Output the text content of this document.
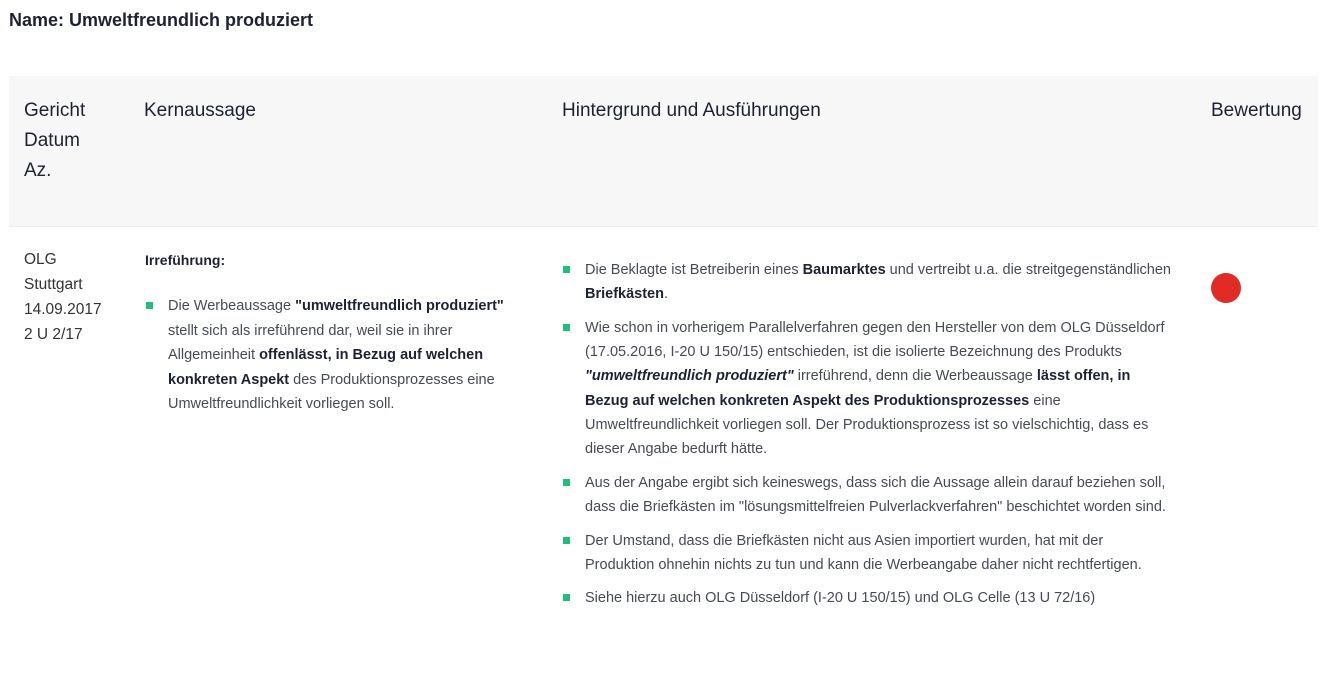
Name: Umweltfreundlich produziert
Gericht
Datum
Az.
Kernaussage	Hintergrund und Ausführungen	Bewertung
OLG
Stuttgart
14.09.2017
2 U 2/17

Irreführung:

Die Werbeaussage "umweltfreundlich produziert" stellt sich als irreführend dar, weil sie in ihrer Allgemeinheit offenlässt, in Bezug auf welchen konkreten Aspekt des Produktionsprozesses eine Umweltfreundlichkeit vorliegen soll.
Die Beklagte ist Betreiberin eines Baumarktes und vertreibt u.a. die streitgegenständlichen Briefkästen.
Wie schon in vorherigem Parallelverfahren gegen den Hersteller von dem OLG Düsseldorf (17.05.2016, I-20 U 150/15) entschieden, ist die isolierte Bezeichnung des Produkts "umweltfreundlich produziert" irreführend, denn die Werbeaussage lässt offen, in Bezug auf welchen konkreten Aspekt des Produktionsprozesses eine Umweltfreundlichkeit vorliegen soll. Der Produktionsprozess ist so vielschichtig, dass es dieser Angabe bedurft hätte.
Aus der Angabe ergibt sich keineswegs, dass sich die Aussage allein darauf beziehen soll, dass die Briefkästen im "lösungsmittelfreien Pulverlackverfahren" beschichtet worden sind.
Der Umstand, dass die Briefkästen nicht aus Asien importiert wurden, hat mit der Produktion ohnehin nichts zu tun und kann die Werbeangabe daher nicht rechtfertigen.
Siehe hierzu auch OLG Düsseldorf (I-20 U 150/15) und OLG Celle (13 U 72/16)
